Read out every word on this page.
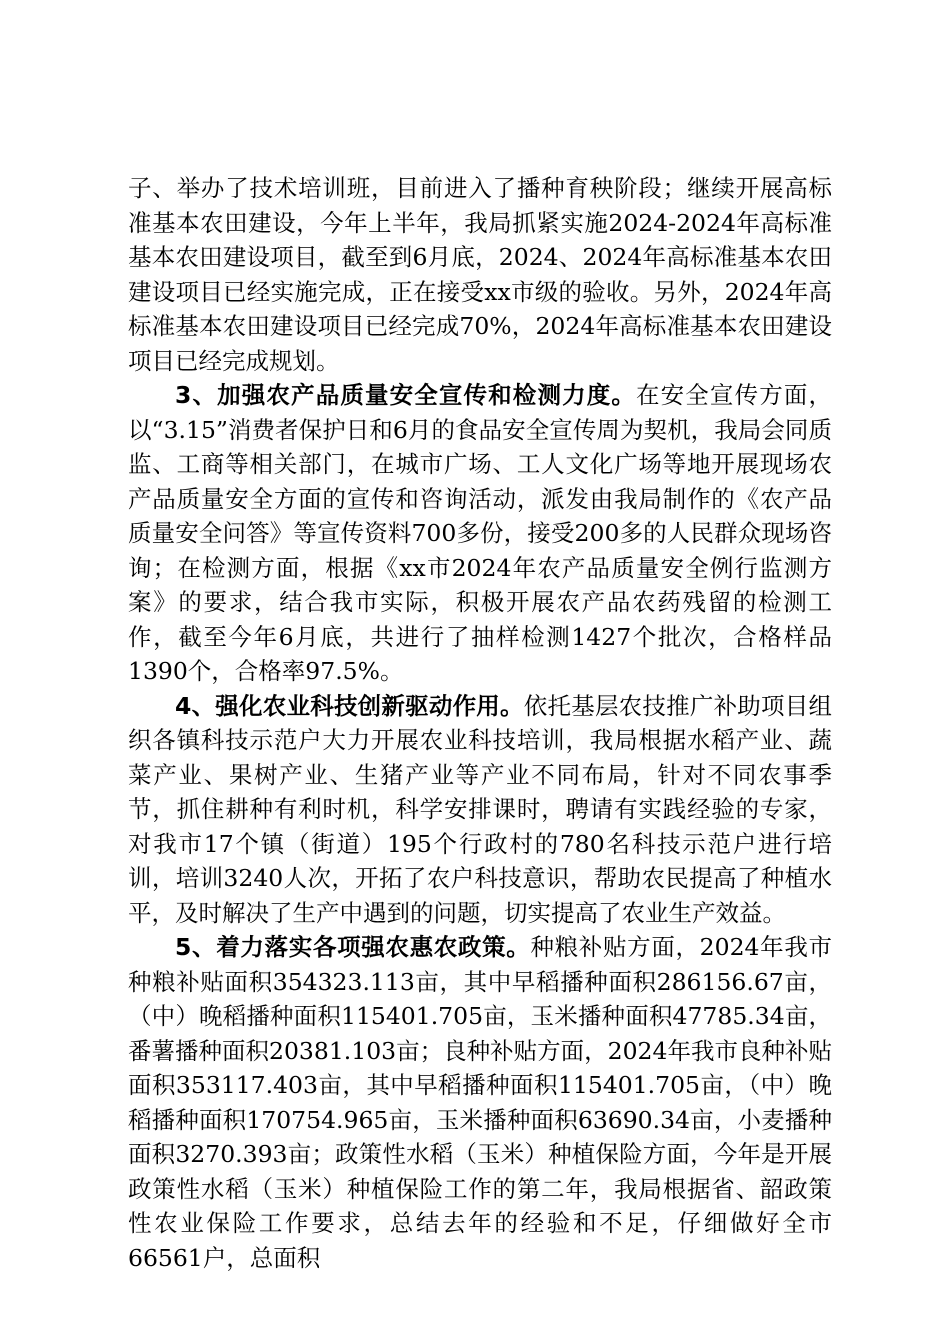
子、举办了技术培训班，目前进入了播种育秧阶段；继续开展高标准基本农田建设，今年上半年，我局抓紧实施2024-2024年高标准基本农田建设项目，截至到6月底，2024、2024年高标准基本农田建设项目已经实施完成，正在接受xx市级的验收。另外，2024年高标准基本农田建设项目已经完成70%，2024年高标准基本农田建设项目已经完成规划。

3、加强农产品质量安全宣传和检测力度。在安全宣传方面，以“3.15”消费者保护日和6月的食品安全宣传周为契机，我局会同质监、工商等相关部门，在城市广场、工人文化广场等地开展现场农产品质量安全方面的宣传和咨询活动，派发由我局制作的《农产品质量安全问答》等宣传资料700多份，接受200多的人民群众现场咨询；在检测方面，根据《xx市2024年农产品质量安全例行监测方案》的要求，结合我市实际，积极开展农产品农药残留的检测工作，截至今年6月底，共进行了抽样检测1427个批次，合格样品1390个，合格率97.5%。

4、强化农业科技创新驱动作用。依托基层农技推广补助项目组织各镇科技示范户大力开展农业科技培训，我局根据水稻产业、蔬菜产业、果树产业、生猪产业等产业不同布局，针对不同农事季节，抓住耕种有利时机，科学安排课时，聘请有实践经验的专家，对我市17个镇（街道）195个行政村的780名科技示范户进行培训，培训3240人次，开拓了农户科技意识，帮助农民提高了种植水平，及时解决了生产中遇到的问题，切实提高了农业生产效益。

5、着力落实各项强农惠农政策。种粮补贴方面，2024年我市种粮补贴面积354323.113亩，其中早稻播种面积286156.67亩，（中）晚稻播种面积115401.705亩，玉米播种面积47785.34亩，番薯播种面积20381.103亩；良种补贴方面，2024年我市良种补贴面积353117.403亩，其中早稻播种面积115401.705亩，（中）晚稻播种面积170754.965亩，玉米播种面积63690.34亩，小麦播种面积3270.393亩；政策性水稻（玉米）种植保险方面，今年是开展政策性水稻（玉米）种植保险工作的第二年，我局根据省、韶政策性农业保险工作要求，总结去年的经验和不足，仔细做好全市66561户，总面积
